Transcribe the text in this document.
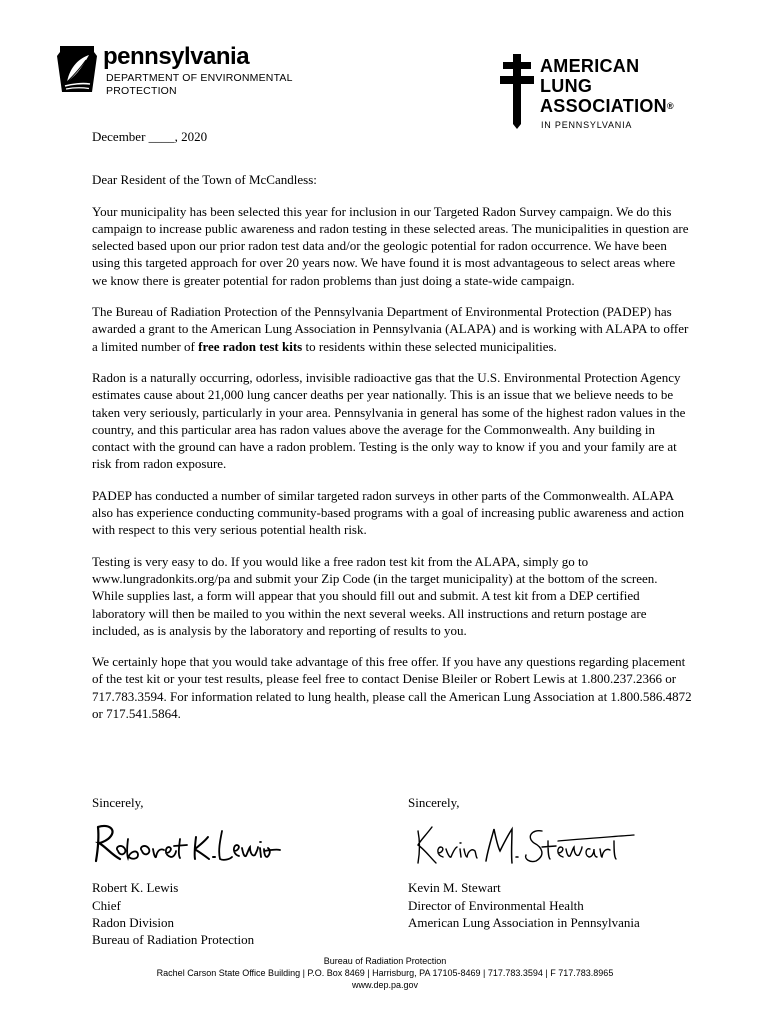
pennsylvania
DEPARTMENT OF ENVIRONMENTAL
PROTECTION
AMERICAN
LUNG
ASSOCIATION®
IN PENNSYLVANIA

December ____, 2020

Dear Resident of the Town of McCandless:

Your municipality has been selected this year for inclusion in our Targeted Radon Survey campaign. We do this campaign to increase public awareness and radon testing in these selected areas. The municipalities in question are selected based upon our prior radon test data and/or the geologic potential for radon occurrence. We have been using this targeted approach for over 20 years now. We have found it is most advantageous to select areas where we know there is greater potential for radon problems than just doing a state-wide campaign.

The Bureau of Radiation Protection of the Pennsylvania Department of Environmental Protection (PADEP) has awarded a grant to the American Lung Association in Pennsylvania (ALAPA) and is working with ALAPA to offer a limited number of free radon test kits to residents within these selected municipalities.

Radon is a naturally occurring, odorless, invisible radioactive gas that the U.S. Environmental Protection Agency estimates cause about 21,000 lung cancer deaths per year nationally. This is an issue that we believe needs to be taken very seriously, particularly in your area. Pennsylvania in general has some of the highest radon values in the country, and this particular area has radon values above the average for the Commonwealth. Any building in contact with the ground can have a radon problem. Testing is the only way to know if you and your family are at risk from radon exposure.

PADEP has conducted a number of similar targeted radon surveys in other parts of the Commonwealth. ALAPA also has experience conducting community-based programs with a goal of increasing public awareness and action with respect to this very serious potential health risk.

Testing is very easy to do. If you would like a free radon test kit from the ALAPA, simply go to www.lungradonkits.org/pa and submit your Zip Code (in the target municipality) at the bottom of the screen. While supplies last, a form will appear that you should fill out and submit. A test kit from a DEP certified laboratory will then be mailed to you within the next several weeks. All instructions and return postage are included, as is analysis by the laboratory and reporting of results to you.

We certainly hope that you would take advantage of this free offer. If you have any questions regarding placement of the test kit or your test results, please feel free to contact Denise Bleiler or Robert Lewis at 1.800.237.2366 or 717.783.3594. For information related to lung health, please call the American Lung Association at 1.800.586.4872 or 717.541.5864.

Sincerely,
Robert K. Lewis
Chief
Radon Division
Bureau of Radiation Protection
Sincerely,
Kevin M. Stewart
Director of Environmental Health
American Lung Association in Pennsylvania
Bureau of Radiation Protection
Rachel Carson State Office Building | P.O. Box 8469 | Harrisburg, PA 17105-8469 | 717.783.3594 | F 717.783.8965
www.dep.pa.gov
